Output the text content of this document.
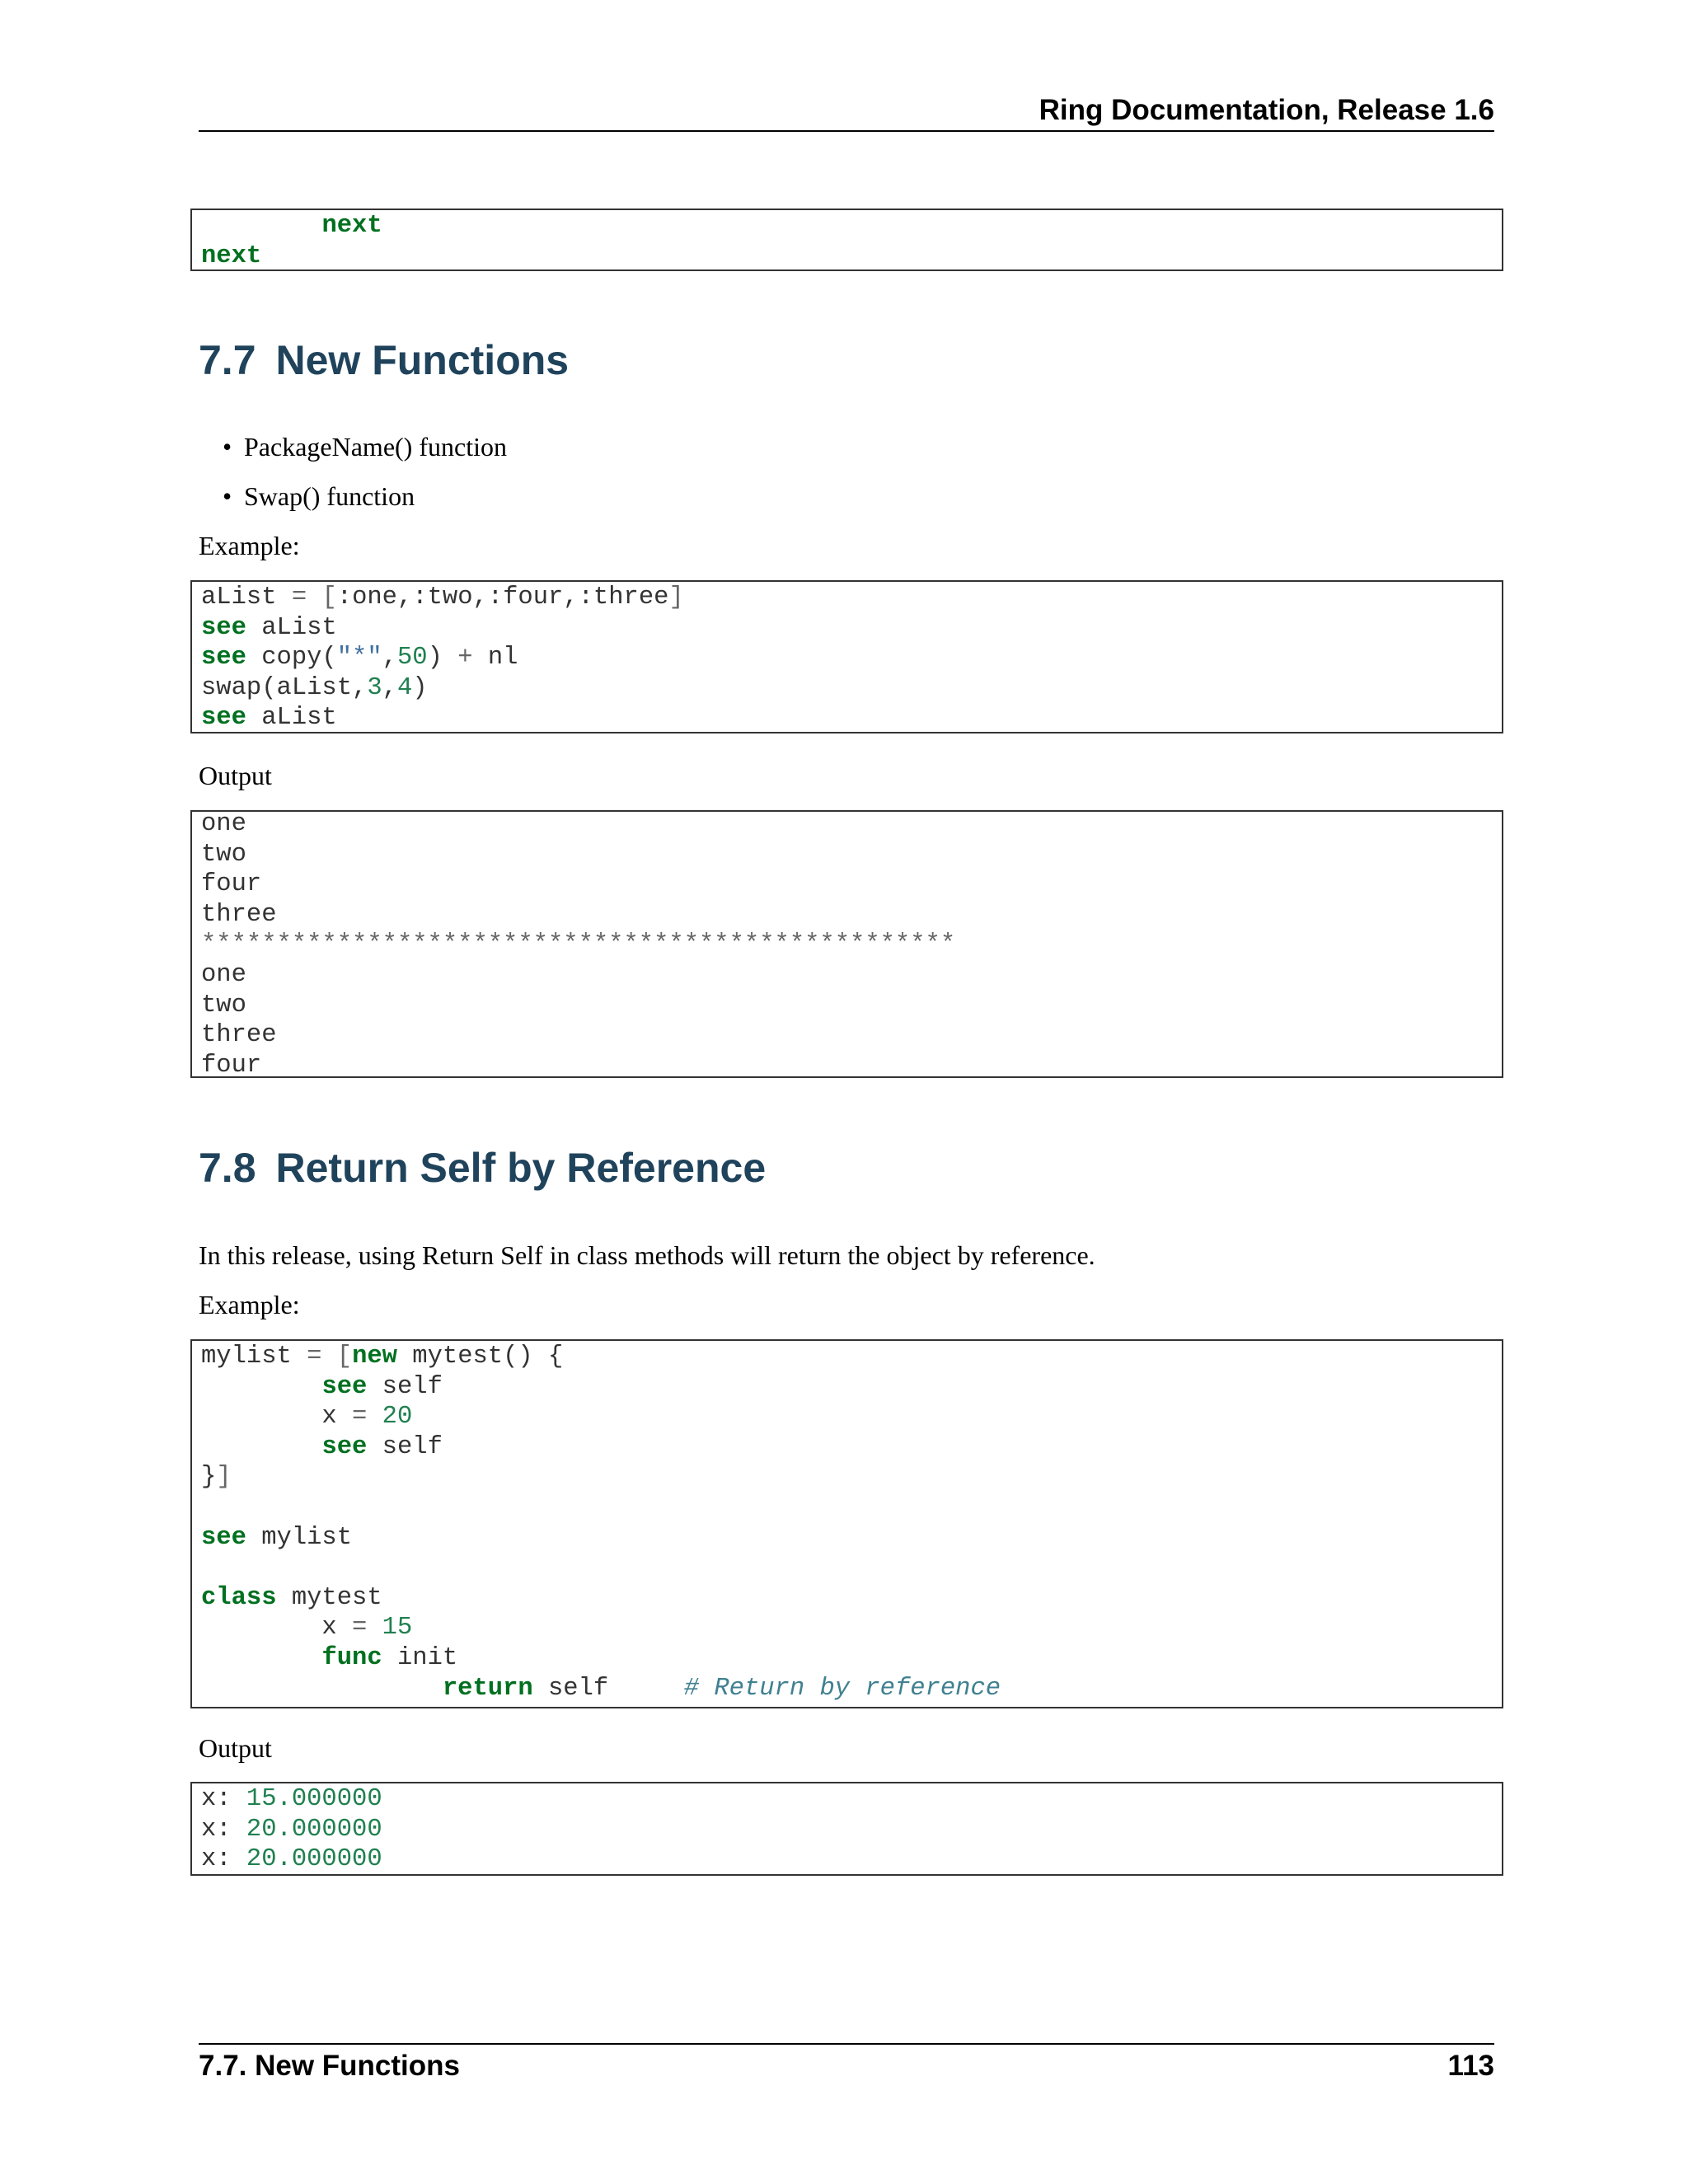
Ring Documentation, Release 1.6
next
next
7.7 New Functions
• PackageName() function
• Swap() function
Example:
aList = [:one,:two,:four,:three]
see aList
see copy("*",50) + nl
swap(aList,3,4)
see aList
Output
one
two
four
three
**************************************************
one
two
three
four
7.8 Return Self by Reference
In this release, using Return Self in class methods will return the object by reference.
Example:
mylist = [new mytest() {
see self
x = 20
see self
}]
see mylist
class mytest
x = 15
func init
return self     # Return by reference
Output
x: 15.000000
x: 20.000000
x: 20.000000
7.7. New Functions	113
